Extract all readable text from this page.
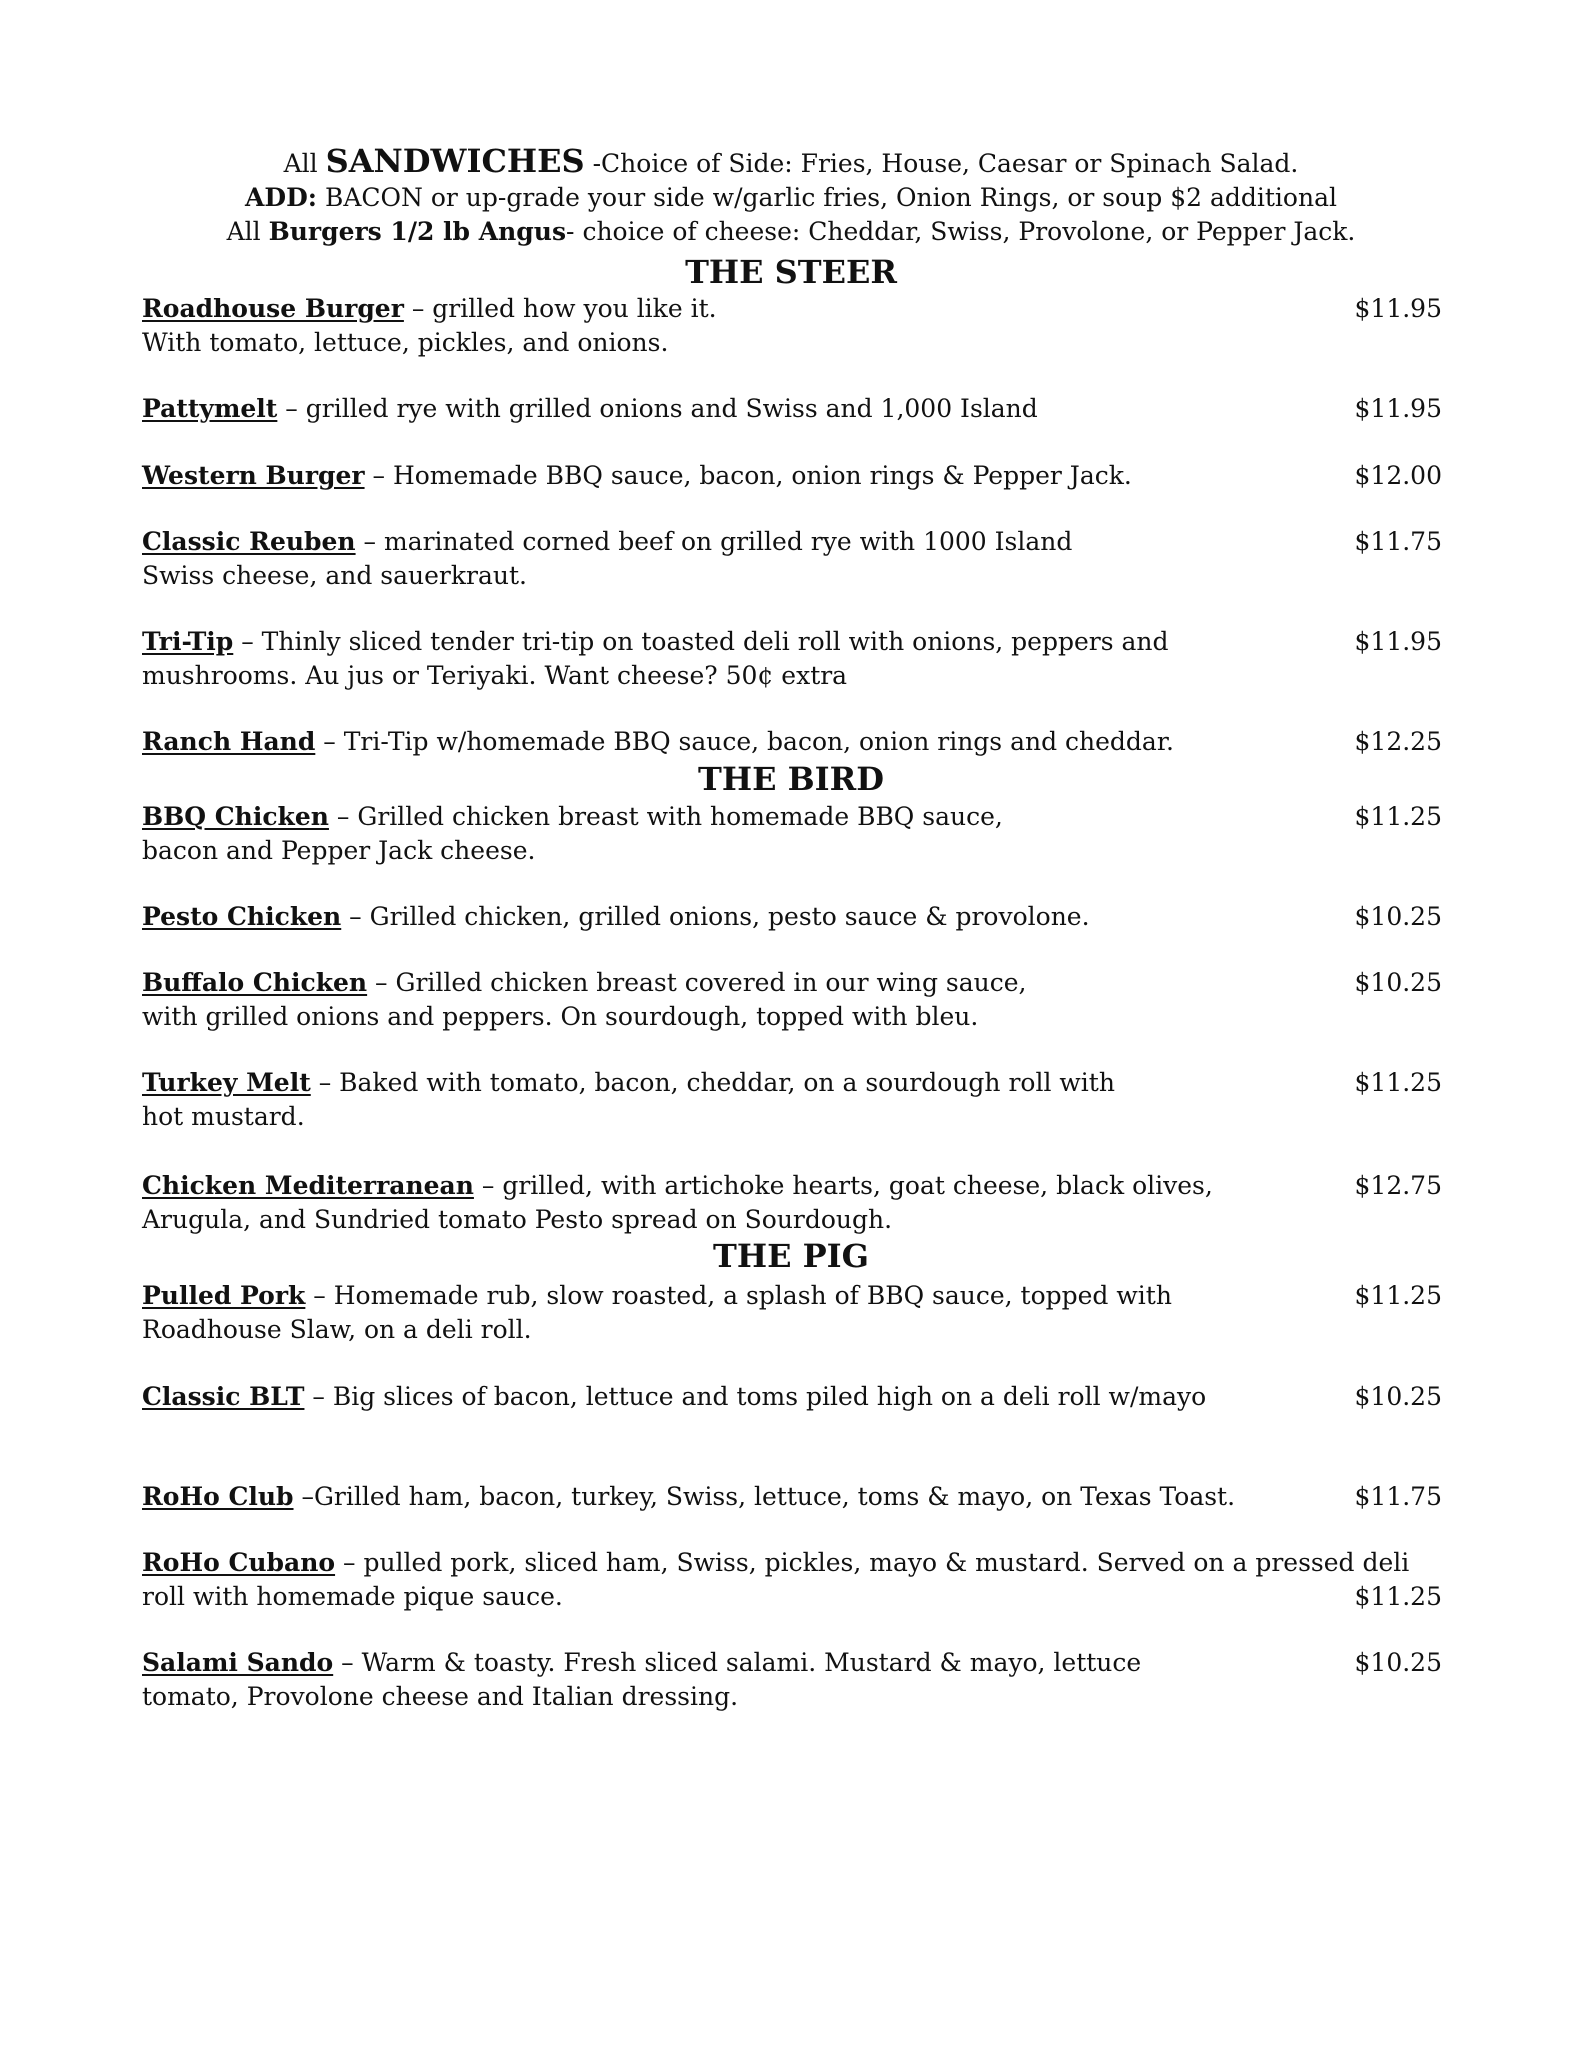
All SANDWICHES -Choice of Side: Fries, House, Caesar or Spinach Salad.
ADD: BACON or up-grade your side w/garlic fries, Onion Rings, or soup $2 additional
All Burgers 1/2 lb Angus- choice of cheese: Cheddar, Swiss, Provolone, or Pepper Jack.
THE STEER
Roadhouse Burger – grilled how you like it.	$11.95
With tomato, lettuce, pickles, and onions.
Pattymelt – grilled rye with grilled onions and Swiss and 1,000 Island	$11.95
Western Burger – Homemade BBQ sauce, bacon, onion rings & Pepper Jack.	$12.00
Classic Reuben – marinated corned beef on grilled rye with 1000 Island	$11.75
Swiss cheese, and sauerkraut.
Tri-Tip – Thinly sliced tender tri-tip on toasted deli roll with onions, peppers and	$11.95
mushrooms. Au jus or Teriyaki. Want cheese? 50¢ extra
Ranch Hand – Tri-Tip w/homemade BBQ sauce, bacon, onion rings and cheddar.	$12.25
THE BIRD
BBQ Chicken – Grilled chicken breast with homemade BBQ sauce,	$11.25
bacon and Pepper Jack cheese.
Pesto Chicken – Grilled chicken, grilled onions, pesto sauce & provolone.	$10.25
Buffalo Chicken – Grilled chicken breast covered in our wing sauce,	$10.25
with grilled onions and peppers. On sourdough, topped with bleu.
Turkey Melt – Baked with tomato, bacon, cheddar, on a sourdough roll with	$11.25
hot mustard.
Chicken Mediterranean – grilled, with artichoke hearts, goat cheese, black olives,	$12.75
Arugula, and Sundried tomato Pesto spread on Sourdough.
THE PIG
Pulled Pork – Homemade rub, slow roasted, a splash of BBQ sauce, topped with	$11.25
Roadhouse Slaw, on a deli roll.
Classic BLT – Big slices of bacon, lettuce and toms piled high on a deli roll w/mayo	$10.25
RoHo Club –Grilled ham, bacon, turkey, Swiss, lettuce, toms & mayo, on Texas Toast.	$11.75
RoHo Cubano – pulled pork, sliced ham, Swiss, pickles, mayo & mustard. Served on a pressed deli
roll with homemade pique sauce.	$11.25
Salami Sando – Warm & toasty. Fresh sliced salami. Mustard & mayo, lettuce	$10.25
tomato, Provolone cheese and Italian dressing.
